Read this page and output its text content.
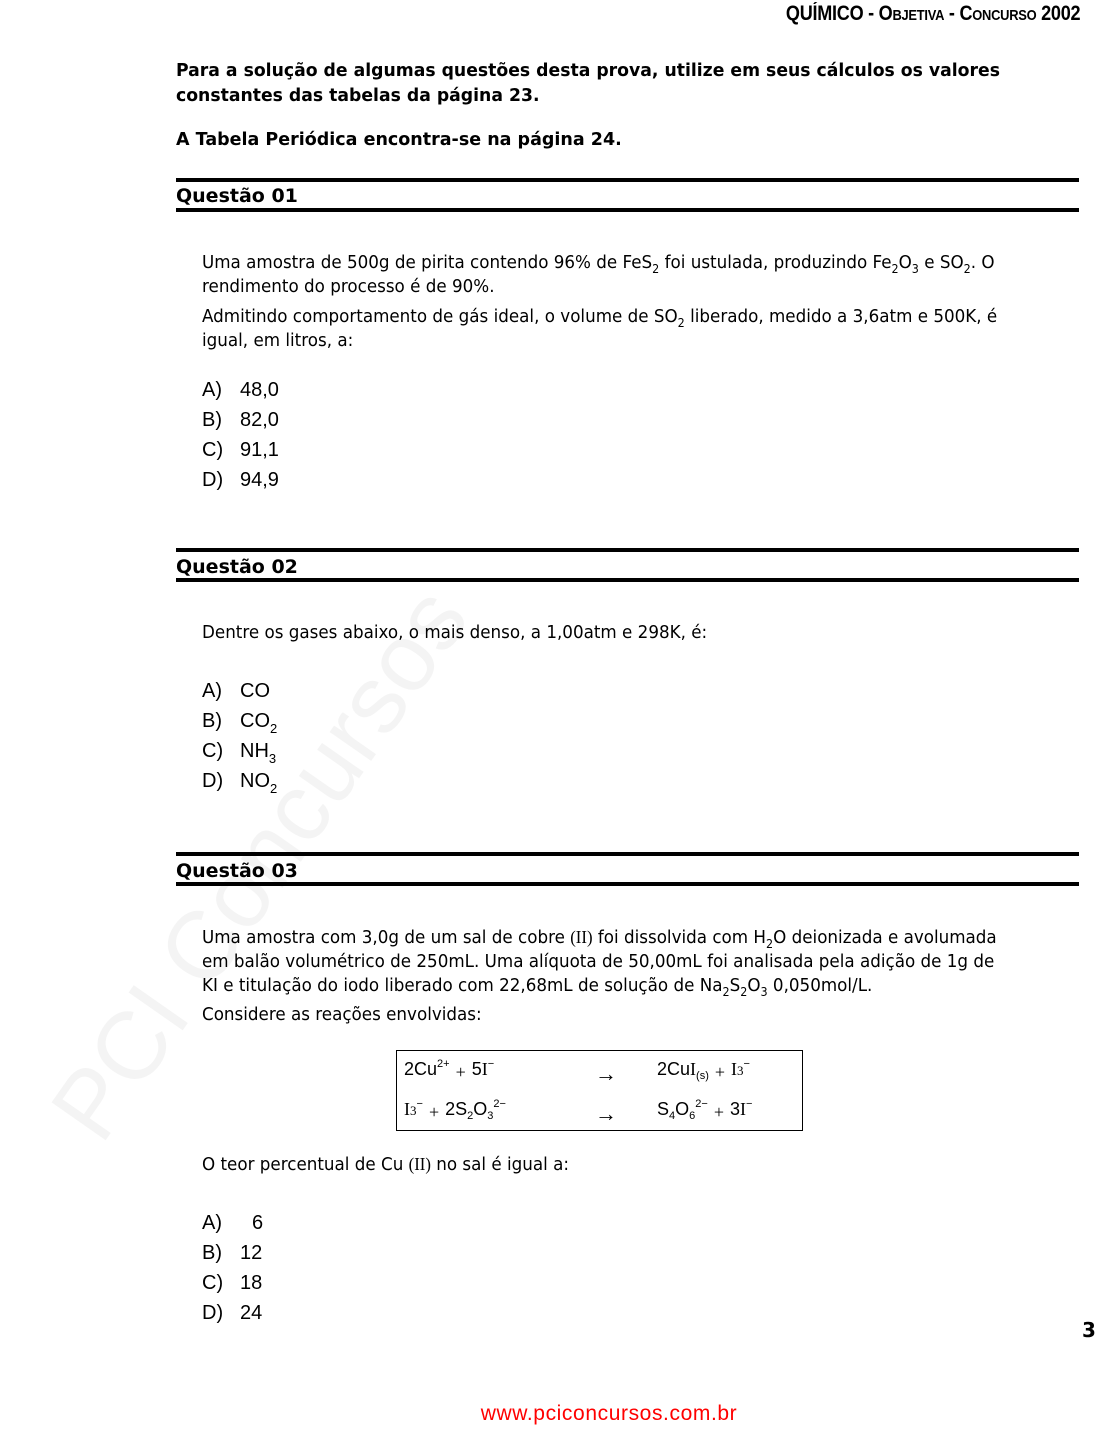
QUÍMICO - OBJETIVA - CONCURSO 2002
Para a solução de algumas questões desta prova, utilize em seus cálculos os valores constantes das tabelas da página 23.
A Tabela Periódica encontra-se na página 24.
Questão 01
Uma amostra de 500g de pirita contendo 96% de FeS$_2$ foi ustulada, produzindo $Fe_2O_3$ e $SO_2$. O rendimento do processo é de 90%.
Admitindo comportamento de gás ideal, o volume de $SO_2$ liberado, medido a 3,6atm e 500K, é igual, em litros, a:
A) 48,0
B) 82,0
C) 91,1
D) 94,9
Questão 02
Dentre os gases abaixo, o mais denso, a 1,00atm e 298K, é:
A) CO
B) $CO_2$
C) $NH_3$
D) $NO_2$
Questão 03
Uma amostra com 3,0g de um sal de cobre (II) foi dissolvida com $H_2O$ deionizada e avolumada em balão volumétrico de 250mL. Uma alíquota de 50,00mL foi analisada pela adição de 1g de KI e titulação do iodo liberado com 22,68mL de solução de $Na_2S_2O_3$ 0,050mol/L.
Considere as reações envolvidas:
$2Cu^{2+} + 5I^-$	→ 2CuI$_{(s)}$ + I3−
$I3^- + 2S_2O_3^{2-}$	→ $S_4O_6^{2-} + 3I^-$
O teor percentual de Cu (II) no sal é igual a:
A)	6
B) 12
C) 18
D) 24
3
www.pciconcursos.com.br
